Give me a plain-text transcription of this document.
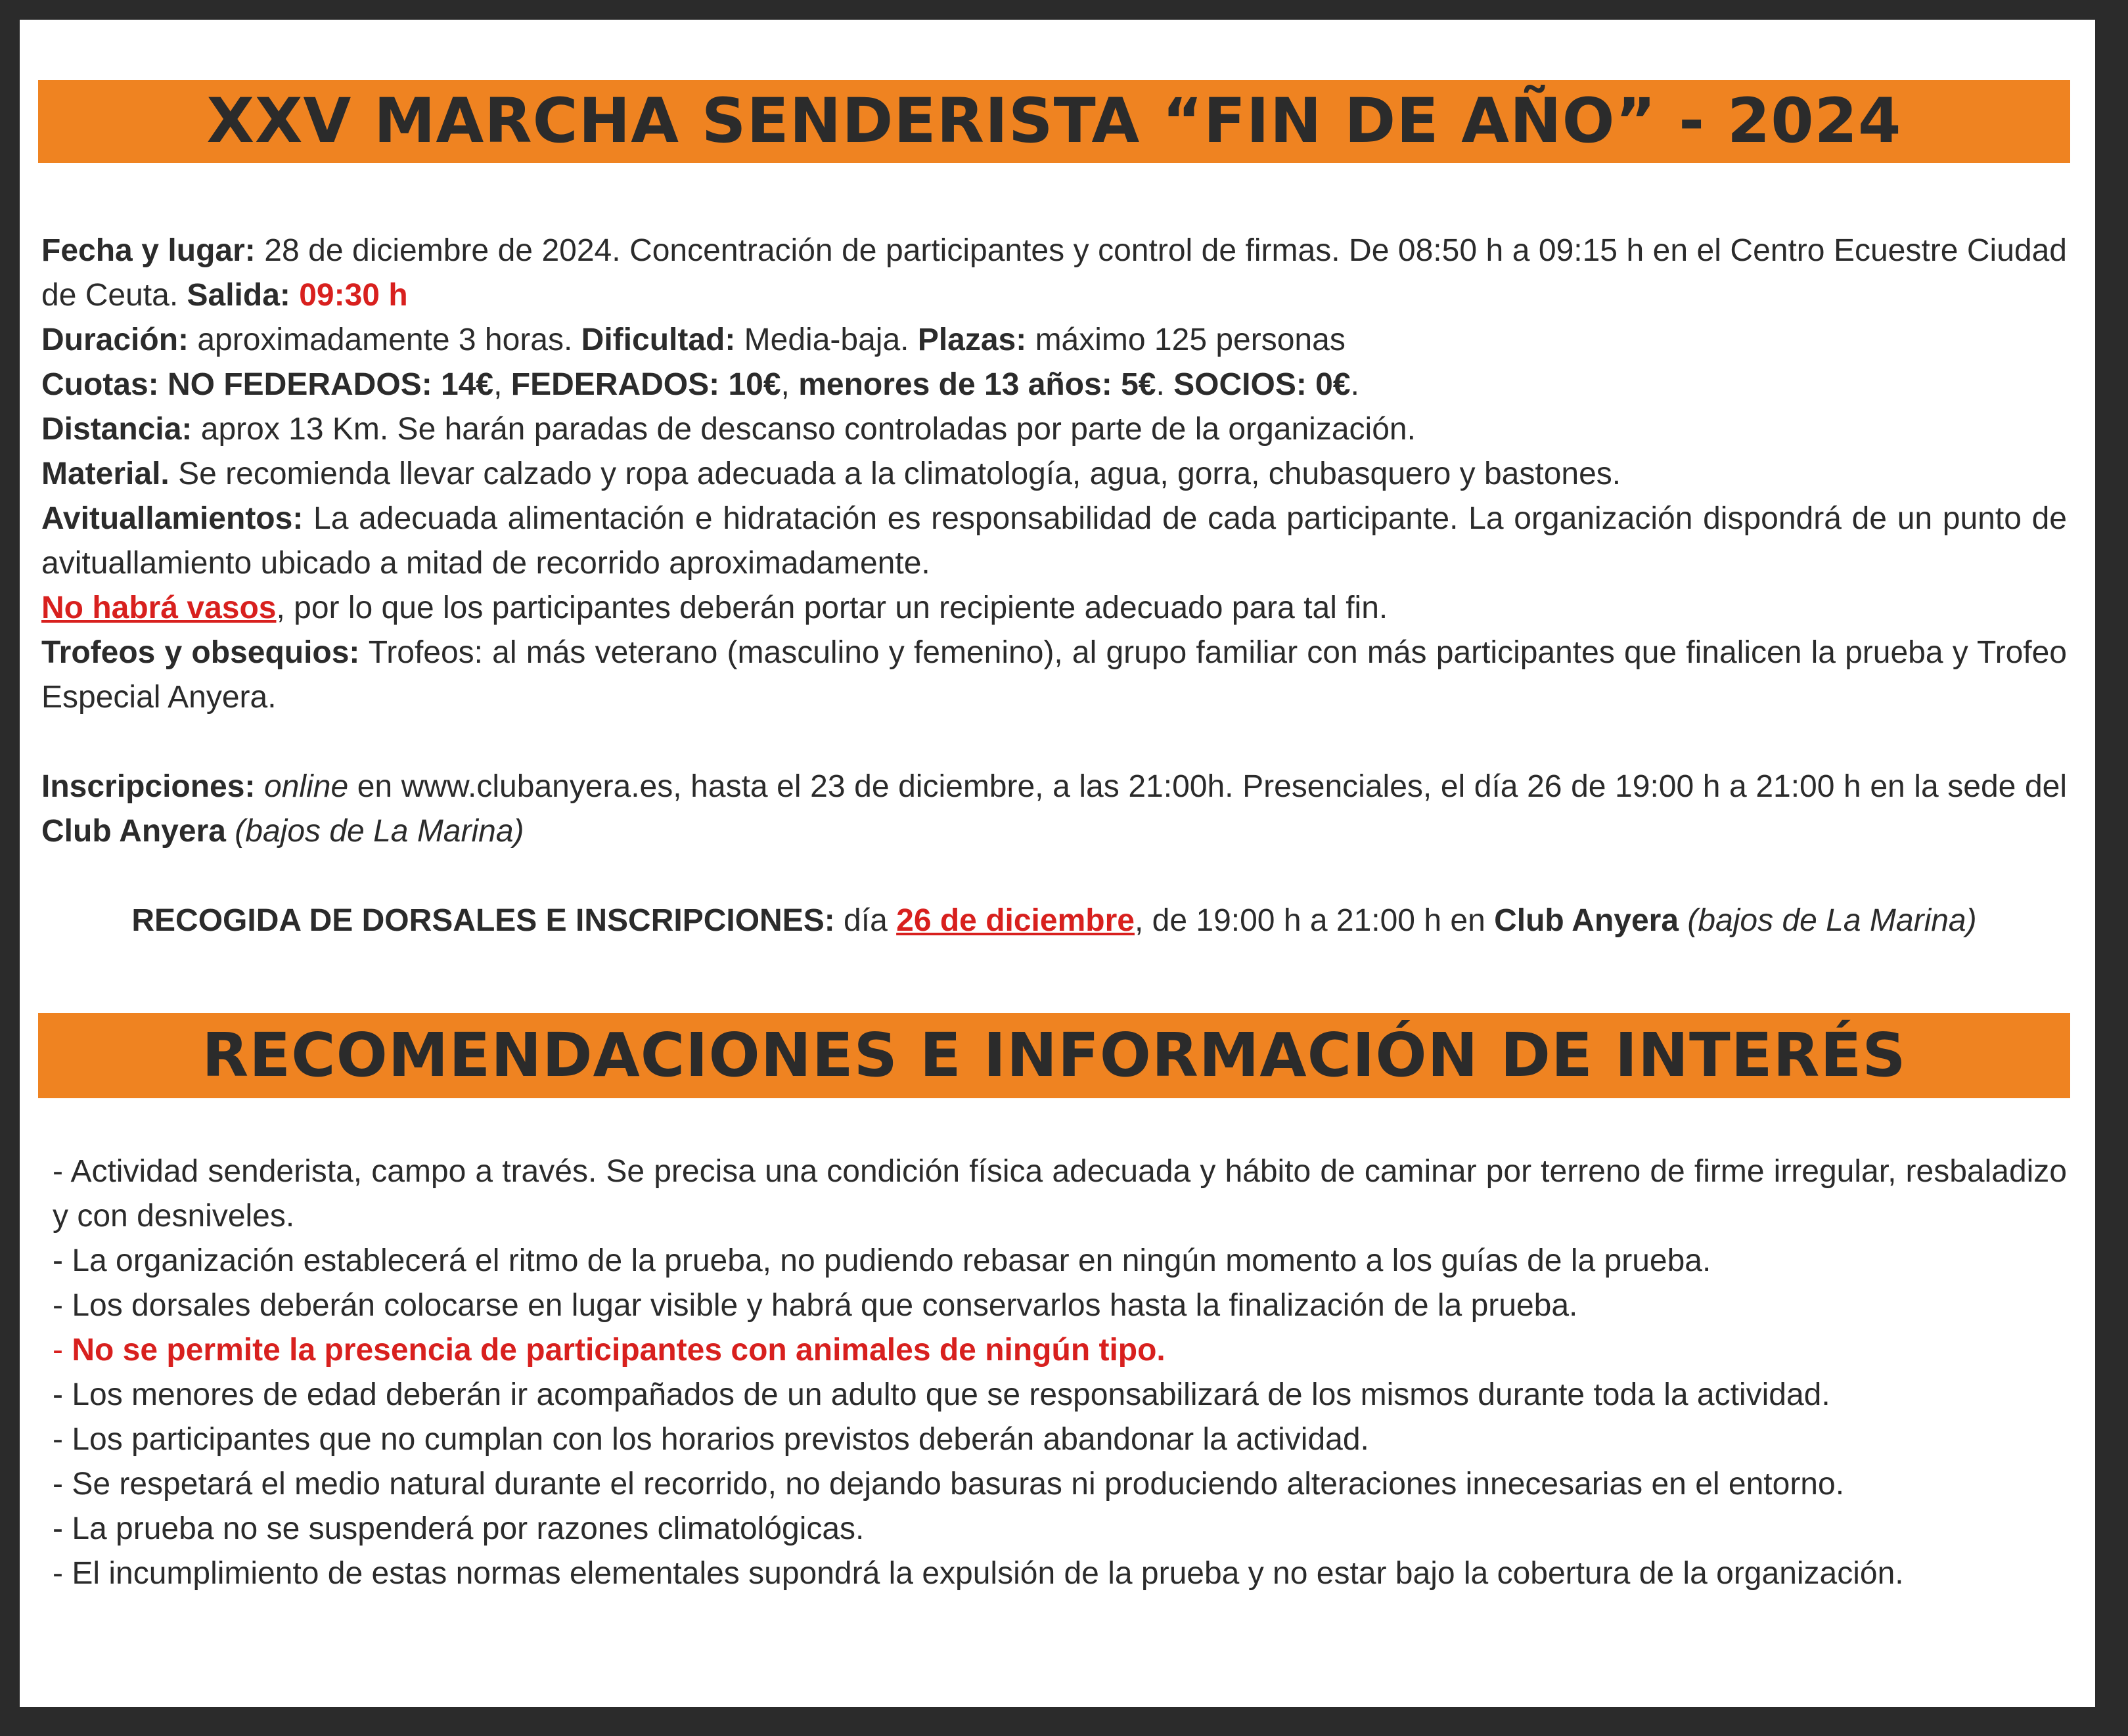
XXV MARCHA SENDERISTA “FIN DE AÑO” - 2024

Fecha y lugar: 28 de diciembre de 2024. Concentración de participantes y control de firmas. De 08:50 h a 09:15 h en el Centro Ecuestre Ciudad de Ceuta. Salida: 09:30 h

Duración: aproximadamente 3 horas. Dificultad: Media-baja. Plazas: máximo 125 personas

Cuotas: NO FEDERADOS: 14€, FEDERADOS: 10€, menores de 13 años: 5€. SOCIOS: 0€.

Distancia: aprox 13 Km. Se harán paradas de descanso controladas por parte de la organización.

Material. Se recomienda llevar calzado y ropa adecuada a la climatología, agua, gorra, chubasquero y bastones.

Avituallamientos: La adecuada alimentación e hidratación es responsabilidad de cada participante. La organización dispondrá de un punto de avituallamiento ubicado a mitad de recorrido aproximadamente.

No habrá vasos, por lo que los participantes deberán portar un recipiente adecuado para tal fin.

Trofeos y obsequios: Trofeos: al más veterano (masculino y femenino), al grupo familiar con más participantes que finalicen la prueba y Trofeo Especial Anyera.

Inscripciones: online en www.clubanyera.es, hasta el 23 de diciembre, a las 21:00h. Presenciales, el día 26 de 19:00 h a 21:00 h en la sede del Club Anyera (bajos de La Marina)

RECOGIDA DE DORSALES E INSCRIPCIONES: día 26 de diciembre, de 19:00 h a 21:00 h en Club Anyera (bajos de La Marina)

RECOMENDACIONES E INFORMACIÓN DE INTERÉS

- Actividad senderista, campo a través. Se precisa una condición física adecuada y hábito de caminar por terreno de firme irregular, resbaladizo y con desniveles.

- La organización establecerá el ritmo de la prueba, no pudiendo rebasar en ningún momento a los guías de la prueba.

- Los dorsales deberán colocarse en lugar visible y habrá que conservarlos hasta la finalización de la prueba.

- No se permite la presencia de participantes con animales de ningún tipo.

- Los menores de edad deberán ir acompañados de un adulto que se responsabilizará de los mismos durante toda la actividad.

- Los participantes que no cumplan con los horarios previstos deberán abandonar la actividad.

- Se respetará el medio natural durante el recorrido, no dejando basuras ni produciendo alteraciones innecesarias en el entorno.

- La prueba no se suspenderá por razones climatológicas.

- El incumplimiento de estas normas elementales supondrá la expulsión de la prueba y no estar bajo la cobertura de la organización.
